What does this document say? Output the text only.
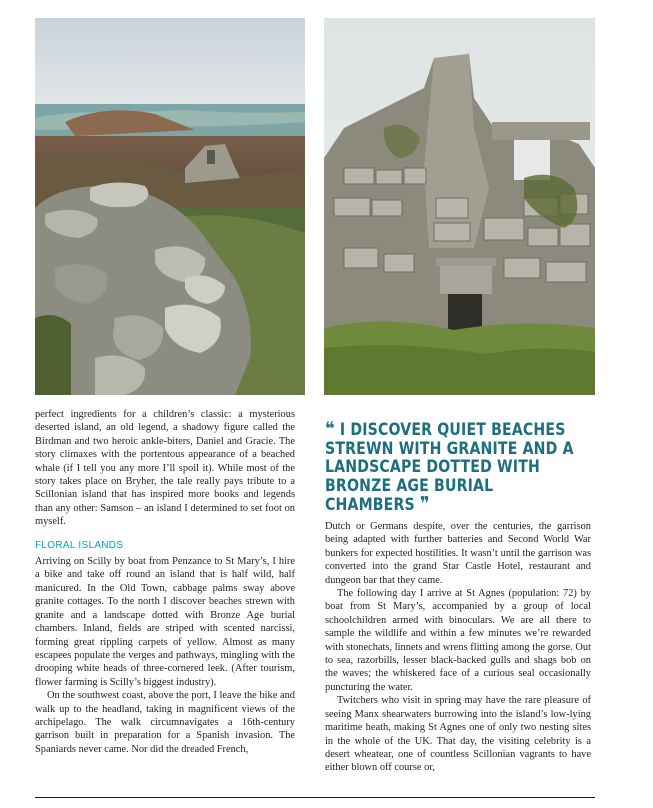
perfect ingredients for a children’s classic: a mysterious deserted island, an old legend, a shadowy figure called the Birdman and two heroic ankle-biters, Daniel and Gracie. The story climaxes with the portentous appearance of a beached whale (if I tell you any more I’ll spoil it). While most of the story takes place on Bryher, the tale really pays tribute to a Scillonian island that has inspired more books and legends than any other: Samson – an island I determined to set foot on myself.

FLORAL ISLANDS

Arriving on Scilly by boat from Penzance to St Mary’s, I hire a bike and take off round an island that is half wild, half manicured. In the Old Town, cabbage palms sway above granite cottages. To the north I discover beaches strewn with granite and a landscape dotted with Bronze Age burial chambers. Inland, fields are striped with scented narcissi, forming great rippling carpets of yellow. Almost as many escapees populate the verges and pathways, mingling with the drooping white heads of three-cornered leek. (After tourism, flower farming is Scilly’s biggest industry).

On the southwest coast, above the port, I leave the bike and walk up to the headland, taking in magnificent views of the archipelago. The walk circumnavigates a 16th-century garrison built in preparation for a Spanish invasion. The Spaniards never came. Nor did the dreaded French,

❝ I DISCOVER QUIET BEACHES STREWN WITH GRANITE AND A LANDSCAPE DOTTED WITH BRONZE AGE BURIAL CHAMBERS ❞

Dutch or Germans despite, over the centuries, the garrison being adapted with further batteries and Second World War bunkers for expected hostilities. It wasn’t until the garrison was converted into the grand Star Castle Hotel, restaurant and dungeon bar that they came.

The following day I arrive at St Agnes (population: 72) by boat from St Mary’s, accompanied by a group of local schoolchildren armed with binoculars. We are all there to sample the wildlife and within a few minutes we’re rewarded with stonechats, linnets and wrens flitting among the gorse. Out to sea, razorbills, lesser black-backed gulls and shags bob on the waves; the whiskered face of a curious seal occasionally puncturing the water.

Twitchers who visit in spring may have the rare pleasure of seeing Manx shearwaters burrowing into the island’s low-lying maritime heath, making St Agnes one of only two nesting sites in the whole of the UK. That day, the visiting celebrity is a desert wheatear, one of countless Scillonian vagrants to have either blown off course or,
